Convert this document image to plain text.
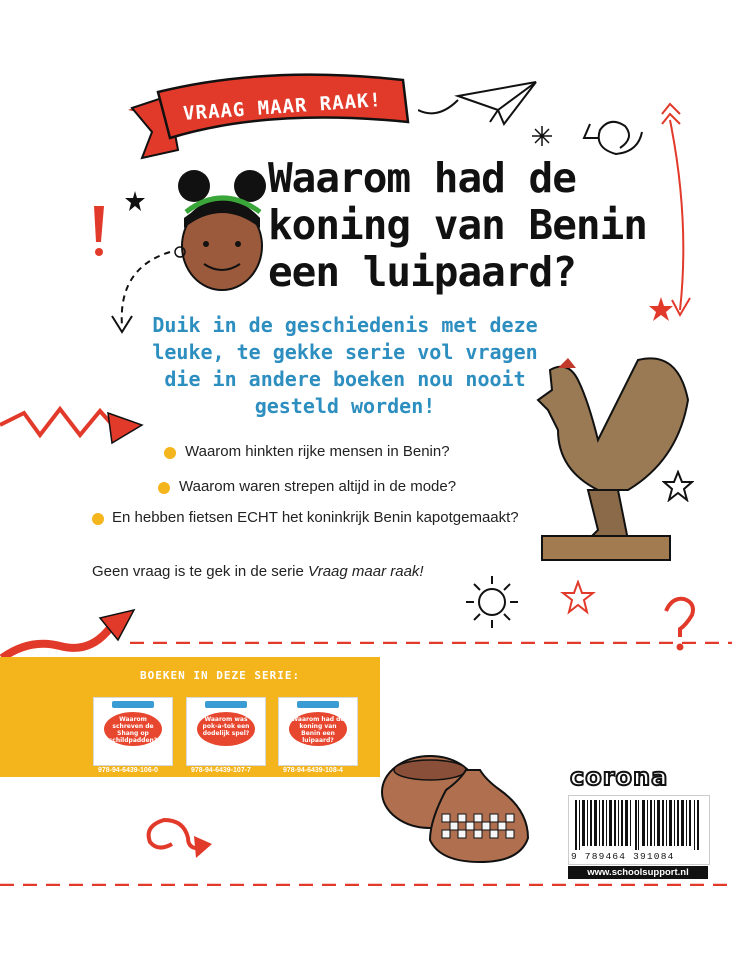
VRAAG MAAR RAAK!
Waarom had de
koning van Benin
een luipaard?
Duik in de geschiedenis met deze
leuke, te gekke serie vol vragen
die in andere boeken nou nooit
gesteld worden!
Waarom hinkten rijke mensen in Benin?
Waarom waren strepen altijd in de mode?
En hebben fietsen ECHT het koninkrijk Benin kapotgemaakt?
Geen vraag is te gek in de serie Vraag maar raak!
BOEKEN IN DEZE SERIE:
Waarom schreven de Shang op schildpadden?
Waarom was pok-a-tok een dodelijk spel?
Waarom had de koning van Benin een luipaard?
978-94-6439-106-0	978-94-6439-107-7	978-94-6439-108-4	corona
9 789464 391084
www.schoolsupport.nl
